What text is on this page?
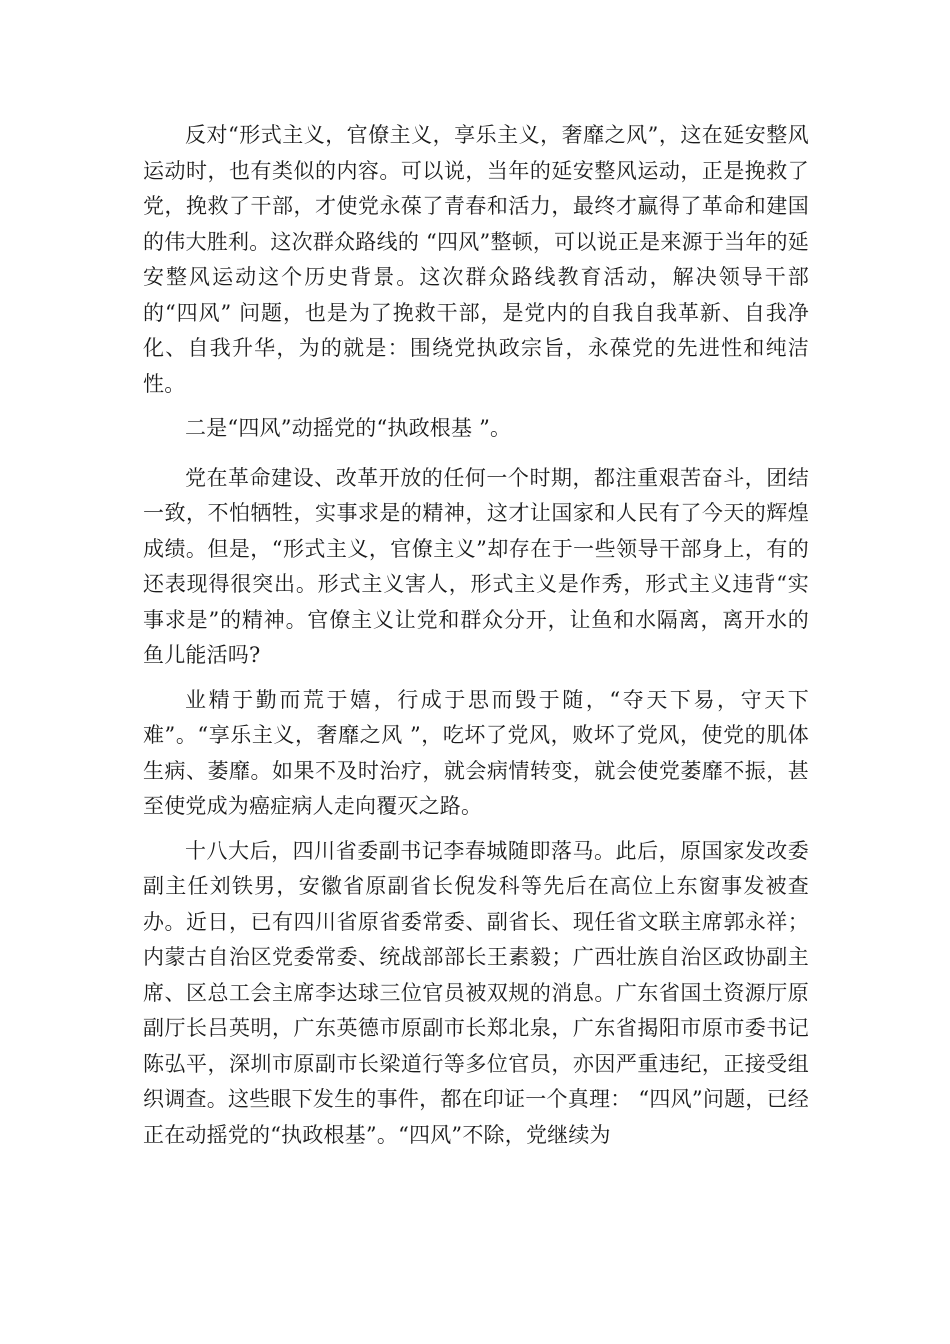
反对“形式主义，官僚主义，享乐主义，奢靡之风”，这在延安整风运动时，也有类似的内容。可以说，当年的延安整风运动，正是挽救了党，挽救了干部，才使党永葆了青春和活力，最终才赢得了革命和建国的伟大胜利。这次群众路线的 “四风”整顿，可以说正是来源于当年的延安整风运动这个历史背景。这次群众路线教育活动，解决领导干部的“四风” 问题，也是为了挽救干部，是党内的自我自我革新、自我净化、自我升华，为的就是：围绕党执政宗旨，永葆党的先进性和纯洁性。

二是“四风”动摇党的“执政根基 ”。

党在革命建设、改革开放的任何一个时期，都注重艰苦奋斗，团结一致，不怕牺牲，实事求是的精神，这才让国家和人民有了今天的辉煌成绩。但是，“形式主义，官僚主义”却存在于一些领导干部身上，有的还表现得很突出。形式主义害人，形式主义是作秀，形式主义违背“实事求是”的精神。官僚主义让党和群众分开，让鱼和水隔离，离开水的鱼儿能活吗?

业精于勤而荒于嬉，行成于思而毁于随，“夺天下易，守天下难”。“享乐主义，奢靡之风 ”，吃坏了党风，败坏了党风，使党的肌体生病、萎靡。如果不及时治疗，就会病情转变，就会使党萎靡不振，甚至使党成为癌症病人走向覆灭之路。

十八大后，四川省委副书记李春城随即落马。此后，原国家发改委副主任刘铁男，安徽省原副省长倪发科等先后在高位上东窗事发被查办。近日，已有四川省原省委常委、副省长、现任省文联主席郭永祥；内蒙古自治区党委常委、统战部部长王素毅；广西壮族自治区政协副主席、区总工会主席李达球三位官员被双规的消息。广东省国土资源厅原副厅长吕英明，广东英德市原副市长郑北泉，广东省揭阳市原市委书记陈弘平，深圳市原副市长梁道行等多位官员，亦因严重违纪，正接受组织调查。这些眼下发生的事件，都在印证一个真理： “四风”问题，已经正在动摇党的“执政根基”。“四风”不除，党继续为
